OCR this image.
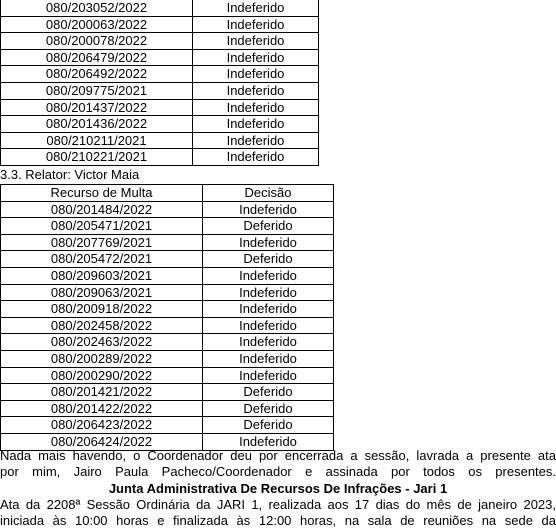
080/203052/2022	Indeferido
080/200063/2022	Indeferido
080/200078/2022	Indeferido
080/206479/2022	Indeferido
080/206492/2022	Indeferido
080/209775/2021	Indeferido
080/201437/2022	Indeferido
080/201436/2022	Indeferido
080/210211/2021	Indeferido
080/210221/2021	Indeferido
3.3. Relator: Victor Maia
Recurso de Multa	Decisão
080/201484/2022	Indeferido
080/205471/2021	Deferido
080/207769/2021	Indeferido
080/205472/2021	Deferido
080/209603/2021	Indeferido
080/209063/2021	Indeferido
080/200918/2022	Indeferido
080/202458/2022	Indeferido
080/202463/2022	Indeferido
080/200289/2022	Indeferido
080/200290/2022	Indeferido
080/201421/2022	Deferido
080/201422/2022	Deferido
080/206423/2022	Deferido
080/206424/2022	Indeferido
Nada mais havendo, o Coordenador deu por encerrada a sessão, lavrada a presente ata
por mim, Jairo Paula Pacheco/Coordenador e assinada por todos os presentes.
Junta Administrativa De Recursos De Infrações - Jari 1
Ata da 2208ª Sessão Ordinária da JARI 1, realizada aos 17 dias do mês de janeiro 2023,
iniciada às 10:00 horas e finalizada às 12:00 horas, na sala de reuniões na sede da
